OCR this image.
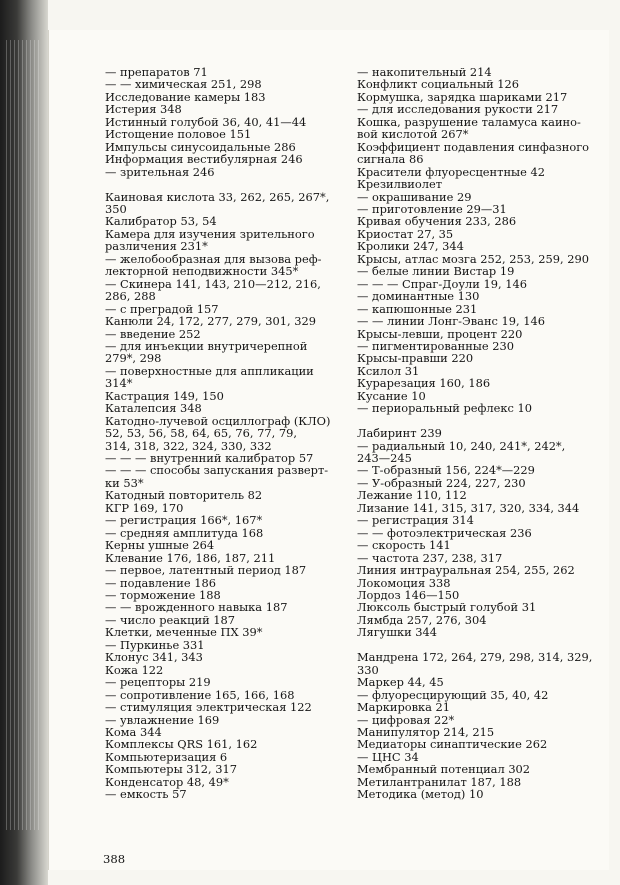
— препаратов 71
— — химическая 251, 298
Исследование камеры 183
Истерия 348
Истинный голубой 36, 40, 41—44
Истощение половое 151
Импульсы синусоидальные 286
Информация вестибулярная 246
— зрительная 246
Каиновая кислота 33, 262, 265, 267*,
350
Калибратор 53, 54
Камера для изучения зрительного
различения 231*
— желобообразная для вызова реф-
лекторной неподвижности 345*
— Скинера 141, 143, 210—212, 216,
286, 288
— с преградой 157
Канюли 24, 172, 277, 279, 301, 329
— введение 252
— для инъекции внутричерепной
279*, 298
— поверхностные для аппликации
314*
Кастрация 149, 150
Каталепсия 348
Катодно-лучевой осциллограф (КЛО)
52, 53, 56, 58, 64, 65, 76, 77, 79,
314, 318, 322, 324, 330, 332
— — — внутренний калибратор 57
— — — способы запускания разверт-
ки 53*
Катодный повторитель 82
КГР 169, 170
— регистрация 166*, 167*
— средняя амплитуда 168
Керны ушные 264
Клевание 176, 186, 187, 211
— первое, латентный период 187
— подавление 186
— торможение 188
— — врожденного навыка 187
— число реакций 187
Клетки, меченные ПХ 39*
— Пуркинье 331
Клонус 341, 343
Кожа 122
— рецепторы 219
— сопротивление 165, 166, 168
— стимуляция электрическая 122
— увлажнение 169
Кома 344
Комплексы QRS 161, 162
Компьютеризация 6
Компьютеры 312, 317
Конденсатор 48, 49*
— емкость 57
— накопительный 214
Конфликт социальный 126
Кормушка, зарядка шариками 217
— для исследования рукости 217
Кошка, разрушение таламуса каино-
вой кислотой 267*
Коэффициент подавления синфазного
сигнала 86
Красители флуоресцентные 42
Крезилвиолет
— окрашивание 29
— приготовление 29—31
Кривая обучения 233, 286
Криостат 27, 35
Кролики 247, 344
Крысы, атлас мозга 252, 253, 259, 290
— белые линии Вистар 19
— — — Спраг-Доули 19, 146
— доминантные 130
— капюшонные 231
— — линии Лонг-Эванс 19, 146
Крысы-левши, процент 220
— пигментированные 230
Крысы-правши 220
Ксилол 31
Курарезация 160, 186
Кусание 10
— периоральный рефлекс 10
Лабиринт 239
— радиальный 10, 240, 241*, 242*,
243—245
— Т-образный 156, 224*—229
— У-образный 224, 227, 230
Лежание 110, 112
Лизание 141, 315, 317, 320, 334, 344
— регистрация 314
— — фотоэлектрическая 236
— скорость 141
— частота 237, 238, 317
Линия интрауральная 254, 255, 262
Локомоция 338
Лордоз 146—150
Люксоль быстрый голубой 31
Лямбда 257, 276, 304
Лягушки 344
Мандрена 172, 264, 279, 298, 314, 329,
330
Маркер 44, 45
— флуоресцирующий 35, 40, 42
Маркировка 21
— цифровая 22*
Манипулятор 214, 215
Медиаторы синаптические 262
— ЦНС 34
Мембранный потенциал 302
Метилантранилат 187, 188
Методика (метод) 10
388
